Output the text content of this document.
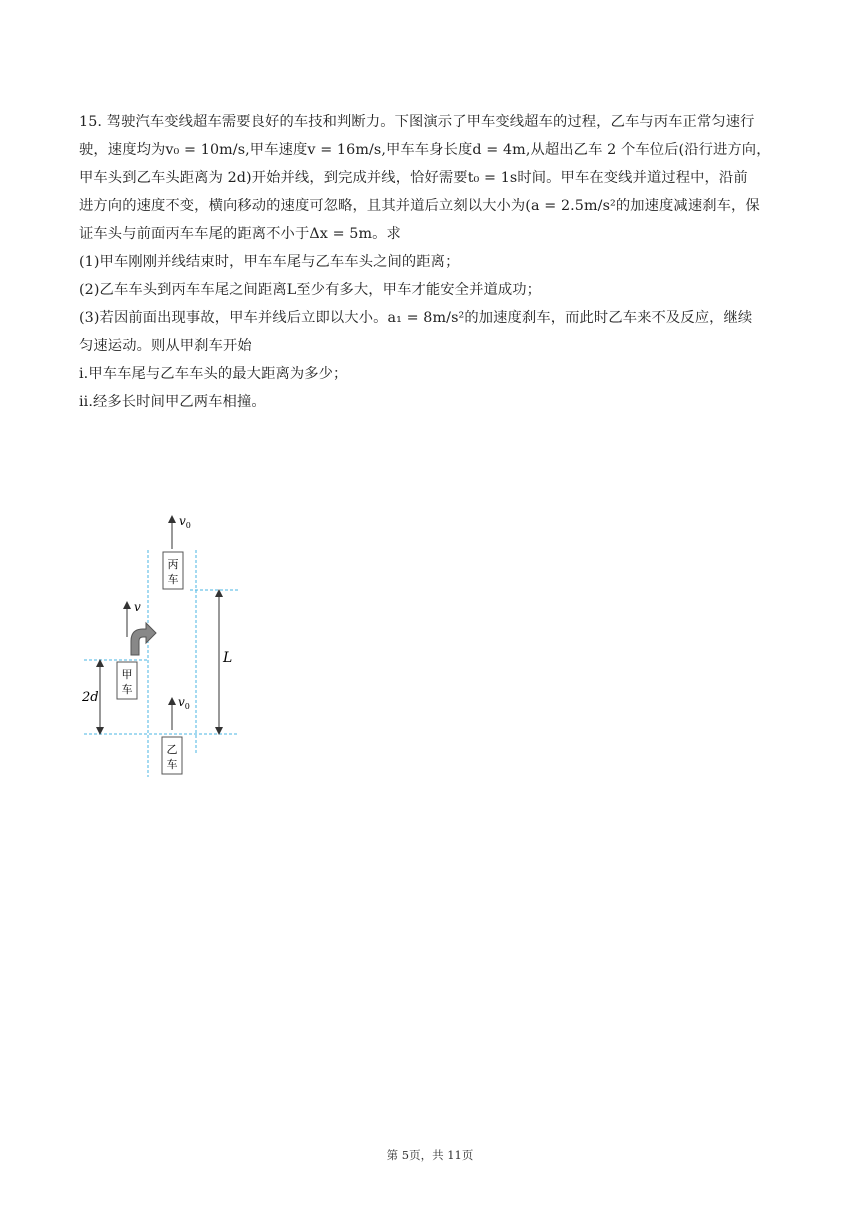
15. 驾驶汽车变线超车需要良好的车技和判断力。下图演示了甲车变线超车的过程，乙车与丙车正常匀速行
驶，速度均为v₀ = 10m/s,甲车速度v = 16m/s,甲车车身长度d = 4m,从超出乙车 2 个车位后(沿行进方向，
甲车头到乙车头距离为 2d)开始并线，到完成并线，恰好需要t₀ = 1s时间。甲车在变线并道过程中，沿前
进方向的速度不变，横向移动的速度可忽略，且其并道后立刻以大小为(a = 2.5m/s²的加速度减速刹车，保
证车头与前面丙车车尾的距离不小于Δx = 5m。求
(1)甲车刚刚并线结束时，甲车车尾与乙车车头之间的距离；
(2)乙车车头到丙车车尾之间距离L至少有多大，甲车才能安全并道成功；
(3)若因前面出现事故，甲车并线后立即以大小。a₁ = 8m/s²的加速度刹车，而此时乙车来不及反应，继续
匀速运动。则从甲刹车开始
i.甲车车尾与乙车车头的最大距离为多少；
ii.经多长时间甲乙两车相撞。
$v_0$
丙
车
v
甲
车
2d	$v_0$
乙
车
L
第 5页，共 11页
